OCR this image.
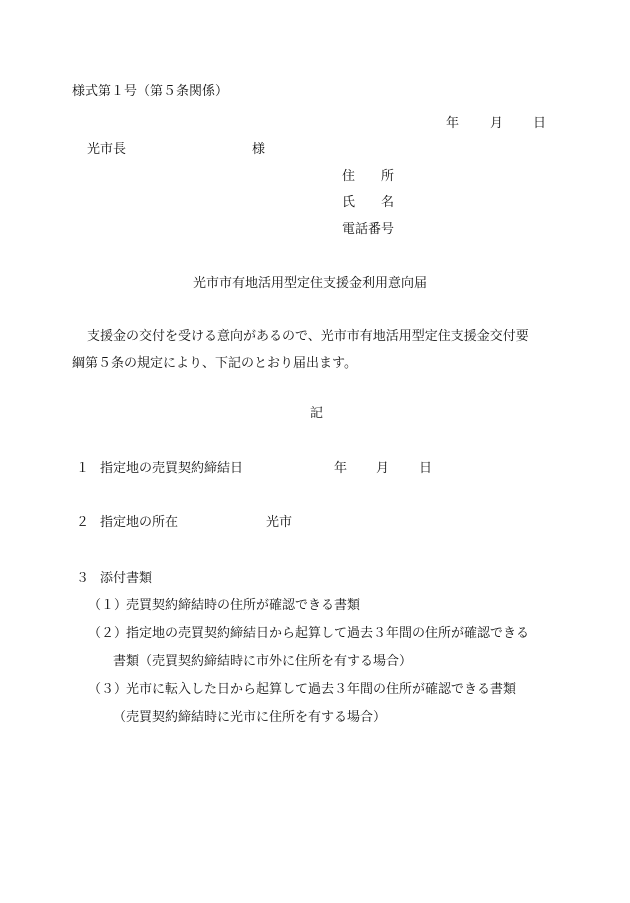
様式第１号（第５条関係）
年 月 日
光市長	様
住　　所
氏　　名
電話番号
光市市有地活用型定住支援金利用意向届
支援金の交付を受ける意向があるので、光市市有地活用型定住支援金交付要
綱第５条の規定により、下記のとおり届出ます。
記
１ 指定地の売買契約締結日	年 月 日
２ 指定地の所在	光市
３ 添付書類
（１）
売買契約締結時の住所が確認できる書類
（２）
指定地の売買契約締結日から起算して過去３年間の住所が確認できる
書類（売買契約締結時に市外に住所を有する場合）
（３）
光市に転入した日から起算して過去３年間の住所が確認できる書類
（売買契約締結時に光市に住所を有する場合）
